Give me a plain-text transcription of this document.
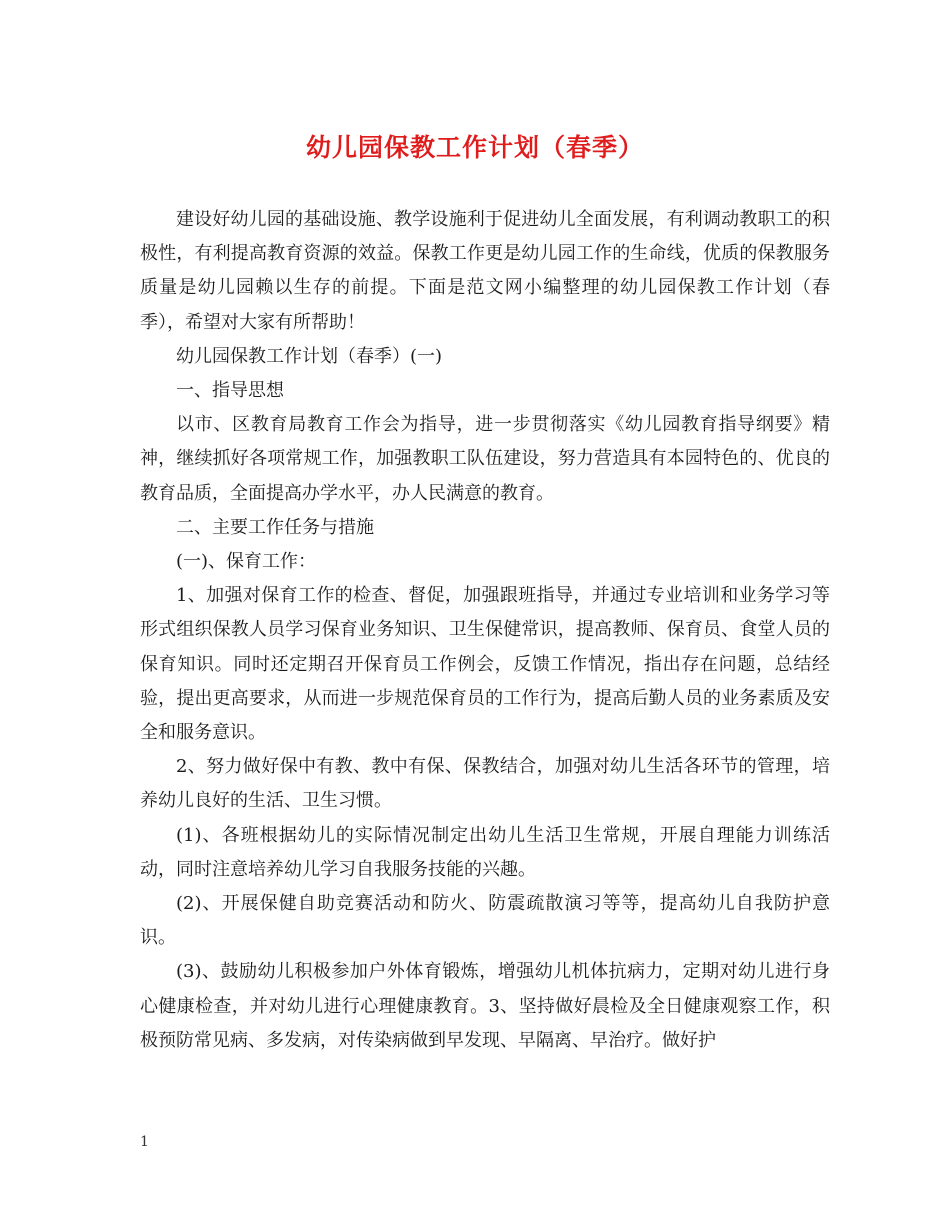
幼儿园保教工作计划（春季）

建设好幼儿园的基础设施、教学设施利于促进幼儿全面发展，有利调动教职工的积极性，有利提高教育资源的效益。保教工作更是幼儿园工作的生命线，优质的保教服务质量是幼儿园赖以生存的前提。下面是范文网小编整理的幼儿园保教工作计划（春季），希望对大家有所帮助！

幼儿园保教工作计划（春季）(一)

一、指导思想

以市、区教育局教育工作会为指导，进一步贯彻落实《幼儿园教育指导纲要》精神，继续抓好各项常规工作，加强教职工队伍建设，努力营造具有本园特色的、优良的教育品质，全面提高办学水平，办人民满意的教育。

二、主要工作任务与措施

(一)、保育工作：

1、加强对保育工作的检查、督促，加强跟班指导，并通过专业培训和业务学习等形式组织保教人员学习保育业务知识、卫生保健常识，提高教师、保育员、食堂人员的保育知识。同时还定期召开保育员工作例会，反馈工作情况，指出存在问题，总结经验，提出更高要求，从而进一步规范保育员的工作行为，提高后勤人员的业务素质及安全和服务意识。

2、努力做好保中有教、教中有保、保教结合，加强对幼儿生活各环节的管理，培养幼儿良好的生活、卫生习惯。

(1)、各班根据幼儿的实际情况制定出幼儿生活卫生常规，开展自理能力训练活动，同时注意培养幼儿学习自我服务技能的兴趣。

(2)、开展保健自助竞赛活动和防火、防震疏散演习等等，提高幼儿自我防护意识。

(3)、鼓励幼儿积极参加户外体育锻炼，增强幼儿机体抗病力，定期对幼儿进行身心健康检查，并对幼儿进行心理健康教育。3、坚持做好晨检及全日健康观察工作，积极预防常见病、多发病，对传染病做到早发现、早隔离、早治疗。做好护

1
